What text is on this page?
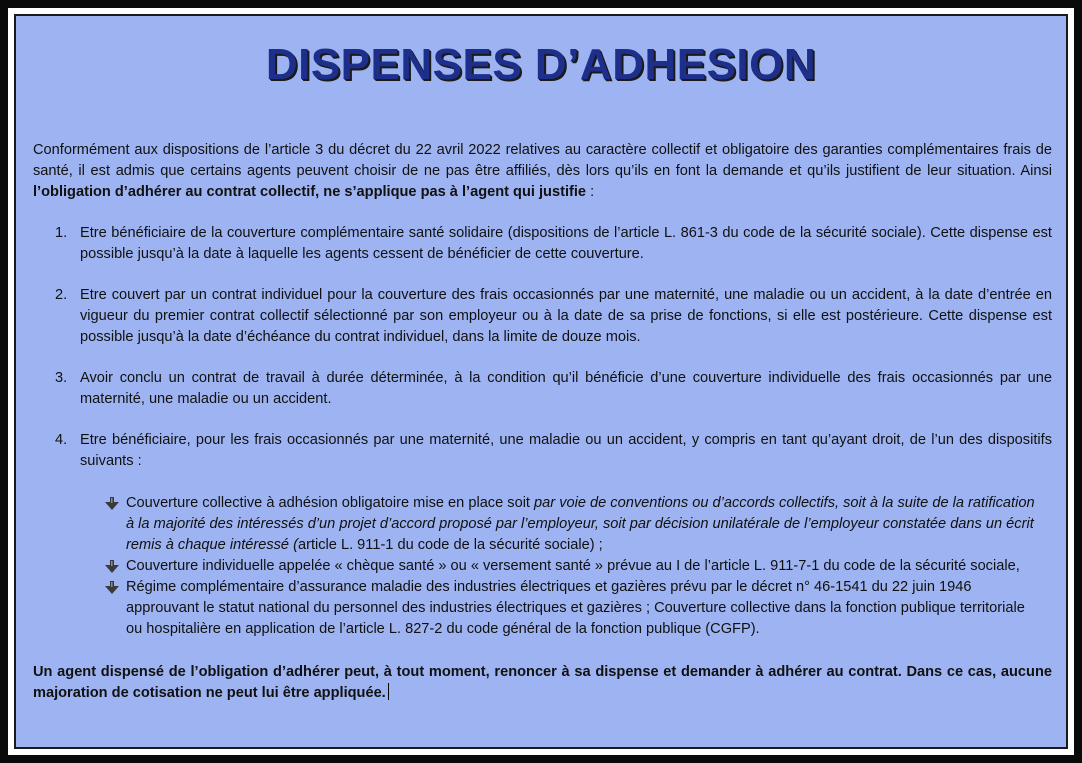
DISPENSES D’ADHESION

Conformément aux dispositions de l’article 3 du décret du 22 avril 2022 relatives au caractère collectif et obligatoire des garanties complémentaires frais de santé, il est admis que certains agents peuvent choisir de ne pas être affiliés, dès lors qu’ils en font la demande et qu’ils justifient de leur situation. Ainsi l’obligation d’adhérer au contrat collectif, ne s’applique pas à l’agent qui justifie :

1. Etre bénéficiaire de la couverture complémentaire santé solidaire (dispositions de l’article L. 861-3 du code de la sécurité sociale). Cette dispense est possible jusqu’à la date à laquelle les agents cessent de bénéficier de cette couverture.
2. Etre couvert par un contrat individuel pour la couverture des frais occasionnés par une maternité, une maladie ou un accident, à la date d’entrée en vigueur du premier contrat collectif sélectionné par son employeur ou à la date de sa prise de fonctions, si elle est postérieure. Cette dispense est possible jusqu’à la date d’échéance du contrat individuel, dans la limite de douze mois.
3. Avoir conclu un contrat de travail à durée déterminée, à la condition qu’il bénéficie d’une couverture individuelle des frais occasionnés par une maternité, une maladie ou un accident.
4. Etre bénéficiaire, pour les frais occasionnés par une maternité, une maladie ou un accident, y compris en tant qu’ayant droit, de l’un des dispositifs suivants :
Couverture collective à adhésion obligatoire mise en place soit par voie de conventions ou d’accords collectifs, soit à la suite de la ratification à la majorité des intéressés d’un projet d’accord proposé par l’employeur, soit par décision unilatérale de l’employeur constatée dans un écrit remis à chaque intéressé (article L. 911-1 du code de la sécurité sociale) ;
Couverture individuelle appelée « chèque santé » ou « versement santé » prévue au I de l’article L. 911-7-1 du code de la sécurité sociale,
Régime complémentaire d’assurance maladie des industries électriques et gazières prévu par le décret n° 46-1541 du 22 juin 1946 approuvant le statut national du personnel des industries électriques et gazières ; Couverture collective dans la fonction publique territoriale ou hospitalière en application de l’article L. 827-2 du code général de la fonction publique (CGFP).

Un agent dispensé de l’obligation d’adhérer peut, à tout moment, renoncer à sa dispense et demander à adhérer au contrat. Dans ce cas, aucune majoration de cotisation ne peut lui être appliquée.
